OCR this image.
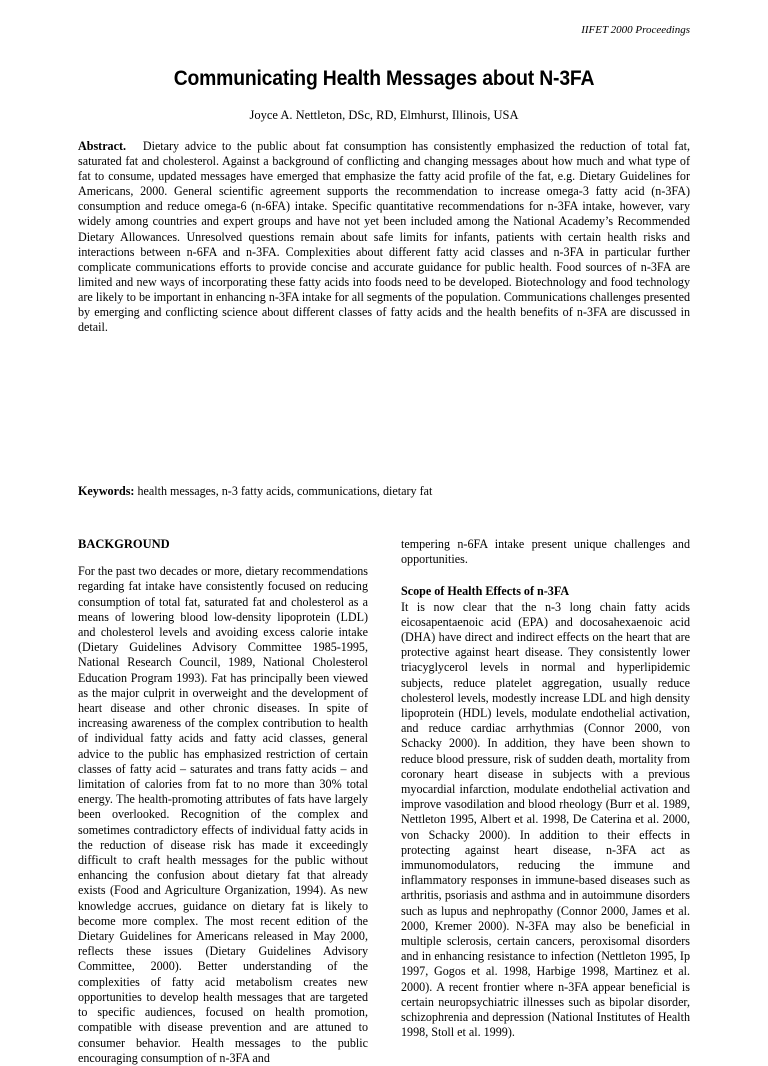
IIFET 2000 Proceedings
Communicating Health Messages about N-3FA
Joyce A. Nettleton, DSc, RD, Elmhurst, Illinois, USA
Abstract. Dietary advice to the public about fat consumption has consistently emphasized the reduction of total fat, saturated fat and cholesterol. Against a background of conflicting and changing messages about how much and what type of fat to consume, updated messages have emerged that emphasize the fatty acid profile of the fat, e.g. Dietary Guidelines for Americans, 2000. General scientific agreement supports the recommendation to increase omega-3 fatty acid (n-3FA) consumption and reduce omega-6 (n-6FA) intake. Specific quantitative recommendations for n-3FA intake, however, vary widely among countries and expert groups and have not yet been included among the National Academy’s Recommended Dietary Allowances. Unresolved questions remain about safe limits for infants, patients with certain health risks and interactions between n-6FA and n-3FA. Complexities about different fatty acid classes and n-3FA in particular further complicate communications efforts to provide concise and accurate guidance for public health. Food sources of n-3FA are limited and new ways of incorporating these fatty acids into foods need to be developed. Biotechnology and food technology are likely to be important in enhancing n-3FA intake for all segments of the population. Communications challenges presented by emerging and conflicting science about different classes of fatty acids and the health benefits of n-3FA are discussed in detail.
Keywords: health messages, n-3 fatty acids, communications, dietary fat
BACKGROUND

For the past two decades or more, dietary recommendations regarding fat intake have consistently focused on reducing consumption of total fat, saturated fat and cholesterol as a means of lowering blood low-density lipoprotein (LDL) and cholesterol levels and avoiding excess calorie intake (Dietary Guidelines Advisory Committee 1985-1995, National Research Council, 1989, National Cholesterol Education Program 1993). Fat has principally been viewed as the major culprit in overweight and the development of heart disease and other chronic diseases. In spite of increasing awareness of the complex contribution to health of individual fatty acids and fatty acid classes, general advice to the public has emphasized restriction of certain classes of fatty acid – saturates and trans fatty acids – and limitation of calories from fat to no more than 30% total energy. The health-promoting attributes of fats have largely been overlooked. Recognition of the complex and sometimes contradictory effects of individual fatty acids in the reduction of disease risk has made it exceedingly difficult to craft health messages for the public without enhancing the confusion about dietary fat that already exists (Food and Agriculture Organization, 1994). As new knowledge accrues, guidance on dietary fat is likely to become more complex. The most recent edition of the Dietary Guidelines for Americans released in May 2000, reflects these issues (Dietary Guidelines Advisory Committee, 2000). Better understanding of the complexities of fatty acid metabolism creates new opportunities to develop health messages that are targeted to specific audiences, focused on health promotion, compatible with disease prevention and are attuned to consumer behavior. Health messages to the public encouraging consumption of n-3FA and

tempering n-6FA intake present unique challenges and opportunities.

Scope of Health Effects of n-3FA

It is now clear that the n-3 long chain fatty acids eicosapentaenoic acid (EPA) and docosahexaenoic acid (DHA) have direct and indirect effects on the heart that are protective against heart disease. They consistently lower triacyglycerol levels in normal and hyperlipidemic subjects, reduce platelet aggregation, usually reduce cholesterol levels, modestly increase LDL and high density lipoprotein (HDL) levels, modulate endothelial activation, and reduce cardiac arrhythmias (Connor 2000, von Schacky 2000). In addition, they have been shown to reduce blood pressure, risk of sudden death, mortality from coronary heart disease in subjects with a previous myocardial infarction, modulate endothelial activation and improve vasodilation and blood rheology (Burr et al. 1989, Nettleton 1995, Albert et al. 1998, De Caterina et al. 2000, von Schacky 2000). In addition to their effects in protecting against heart disease, n-3FA act as immunomodulators, reducing the immune and inflammatory responses in immune-based diseases such as arthritis, psoriasis and asthma and in autoimmune disorders such as lupus and nephropathy (Connor 2000, James et al. 2000, Kremer 2000). N-3FA may also be beneficial in multiple sclerosis, certain cancers, peroxisomal disorders and in enhancing resistance to infection (Nettleton 1995, Ip 1997, Gogos et al. 1998, Harbige 1998, Martinez et al. 2000). A recent frontier where n-3FA appear beneficial is certain neuropsychiatric illnesses such as bipolar disorder, schizophrenia and depression (National Institutes of Health 1998, Stoll et al. 1999).
